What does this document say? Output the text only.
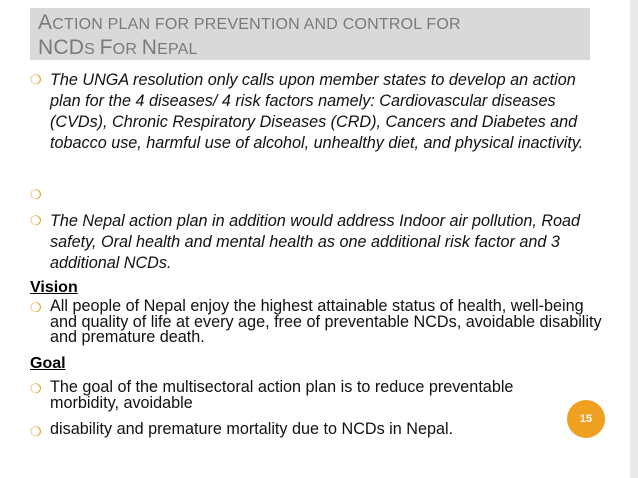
ACTION PLAN FOR PREVENTION AND CONTROL FOR
NCDS FOR NEPAL
❍ The UNGA resolution only calls upon member states to develop an action plan for the 4 diseases/ 4 risk factors namely: Cardiovascular diseases (CVDs), Chronic Respiratory Diseases (CRD), Cancers and Diabetes and tobacco use, harmful use of alcohol, unhealthy diet, and physical inactivity.
❍
❍ The Nepal action plan in addition would address Indoor air pollution, Road safety, Oral health and mental health as one additional risk factor and 3 additional NCDs.
Vision
❍ All people of Nepal enjoy the highest attainable status of health, well-being and quality of life at every age, free of preventable NCDs, avoidable disability and premature death.
Goal
❍ The goal of the multisectoral action plan is to reduce preventable morbidity, avoidable
❍ disability and premature mortality due to NCDs in Nepal.
15
